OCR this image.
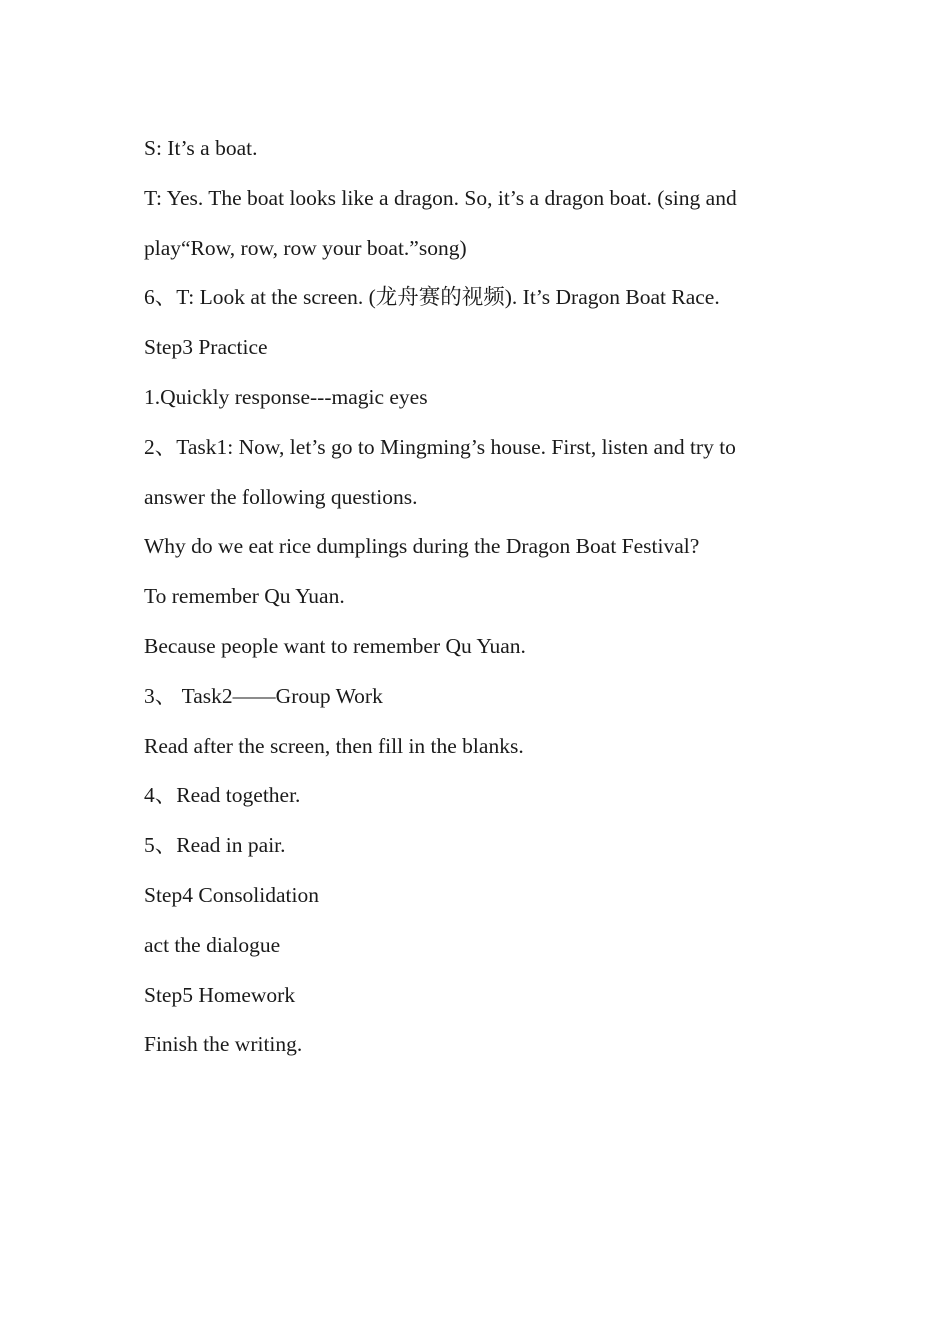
S: It’s a boat.

T: Yes. The boat looks like a dragon. So, it’s a dragon boat. (sing and

play“Row, row, row your boat.”song)

6、T: Look at the screen. (龙舟赛的视频). It’s Dragon Boat Race.

Step3 Practice

1.Quickly response---magic eyes

2、Task1: Now, let’s go to Mingming’s house. First, listen and try to

answer the following questions.

Why do we eat rice dumplings during the Dragon Boat Festival?

To remember Qu Yuan.

Because people want to remember Qu Yuan.

3、 Task2——Group Work

Read after the screen, then fill in the blanks.

4、Read together.

5、Read in pair.

Step4 Consolidation

act the dialogue

Step5 Homework

Finish the writing.
